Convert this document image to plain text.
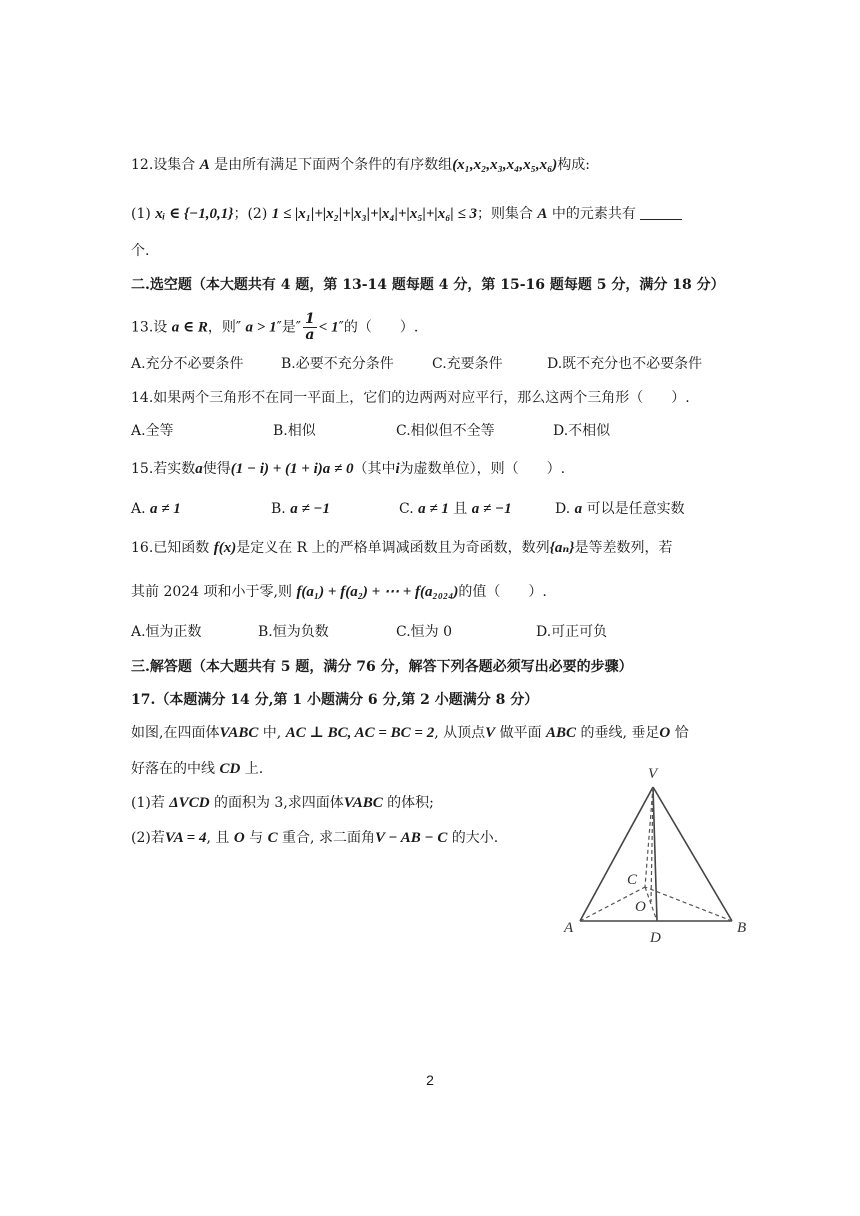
12.设集合 A 是由所有满足下面两个条件的有序数组(x₁,x₂,x₃,x₄,x₅,x₆)构成:
(1) xᵢ ∈ {−1,0,1}；(2) 1 ≤ |x₁|+|x₂|+|x₃|+|x₄|+|x₅|+|x₆| ≤ 3；则集合 A 中的元素共有
个.
二.选空题（本大题共有 4 题，第 13-14 题每题 4 分，第 15-16 题每题 5 分，满分 18 分）
13.设 a ∈ R，则″ a > 1″是″ $\frac{1}{a} < 1''$的（　　）.
A.充分不必要条件	B.必要不充分条件	C.充要条件	D.既不充分也不必要条件
14.如果两个三角形不在同一平面上，它们的边两两对应平行，那么这两个三角形（　　）.
A.全等	B.相似	C.相似但不全等	D.不相似
15.若实数a使得(1 − i) + (1 + i)a ≠ 0（其中i为虚数单位），则（　　）.
A. a ≠ 1	B. a ≠ −1	C. a ≠ 1 且 a ≠ −1	D. a 可以是任意实数
16.已知函数 f(x)是定义在 R 上的严格单调减函数且为奇函数，数列{aₙ}是等差数列，若
其前 2024 项和小于零,则 f(a₁) + f(a₂) + ⋯ + f(a₂₀₂₄)的值（　　）.
A.恒为正数	B.恒为负数	C.恒为 0	D.可正可负
三.解答题（本大题共有 5 题，满分 76 分，解答下列各题必须写出必要的步骤）
17.（本题满分 14 分,第 1 小题满分 6 分,第 2 小题满分 8 分）
如图,在四面体VABC 中, AC ⊥ BC, AC = BC = 2, 从顶点V 做平面 ABC 的垂线, 垂足O 恰
好落在的中线 CD 上.
(1)若 ΔVCD 的面积为 3,求四面体VABC 的体积;
(2)若VA = 4, 且 O 与 C 重合, 求二面角V − AB − C 的大小.
V
A	B
C
O
D
2
